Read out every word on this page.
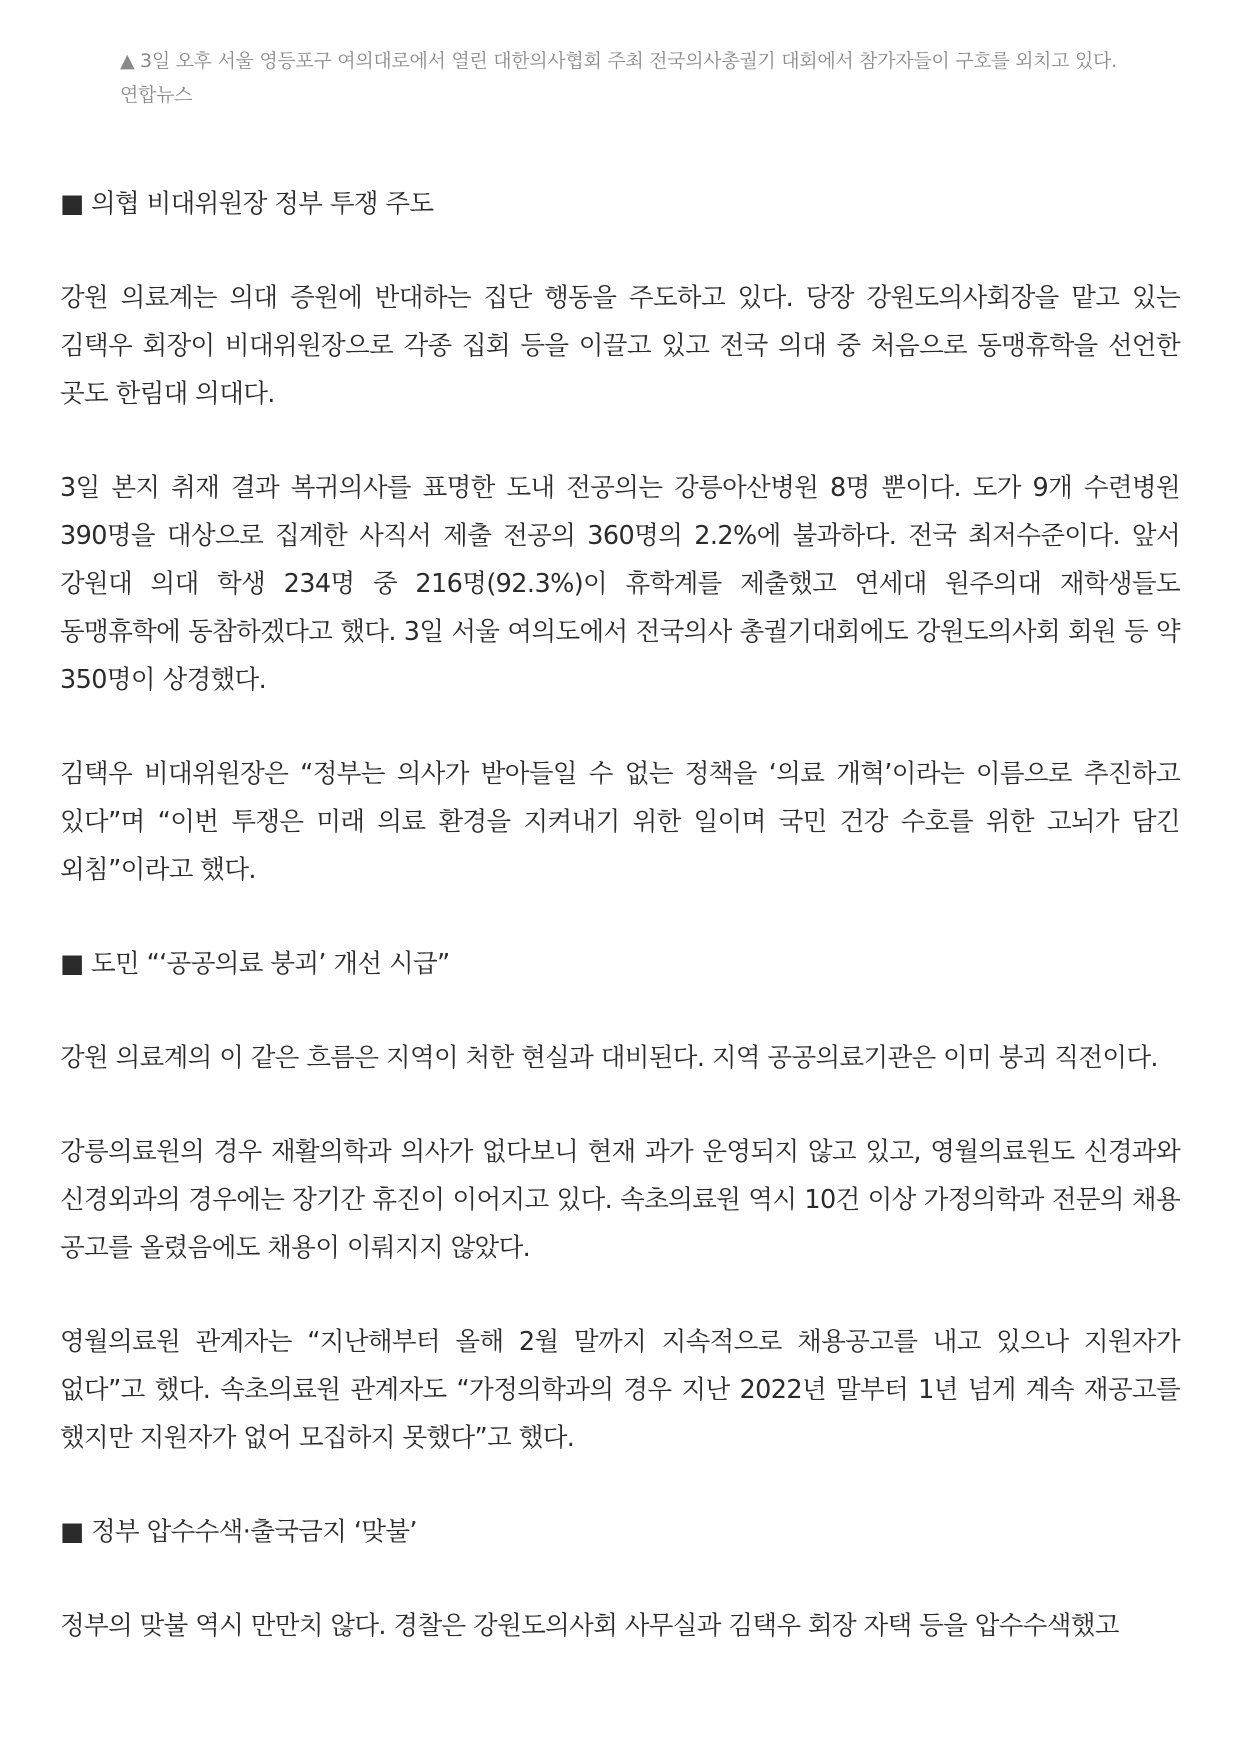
▲ 3일 오후 서울 영등포구 여의대로에서 열린 대한의사협회 주최 전국의사총궐기 대회에서 참가자들이 구호를 외치고 있다. 연합뉴스
■ 의협 비대위원장 정부 투쟁 주도

강원 의료계는 의대 증원에 반대하는 집단 행동을 주도하고 있다. 당장 강원도의사회장을 맡고 있는 김택우 회장이 비대위원장으로 각종 집회 등을 이끌고 있고 전국 의대 중 처음으로 동맹휴학을 선언한 곳도 한림대 의대다.

3일 본지 취재 결과 복귀의사를 표명한 도내 전공의는 강릉아산병원 8명 뿐이다. 도가 9개 수련병원 390명을 대상으로 집계한 사직서 제출 전공의 360명의 2.2%에 불과하다. 전국 최저수준이다. 앞서 강원대 의대 학생 234명 중 216명(92.3%)이 휴학계를 제출했고 연세대 원주의대 재학생들도 동맹휴학에 동참하겠다고 했다. 3일 서울 여의도에서 전국의사 총궐기대회에도 강원도의사회 회원 등 약 350명이 상경했다.

김택우 비대위원장은 “정부는 의사가 받아들일 수 없는 정책을 ‘의료 개혁’이라는 이름으로 추진하고 있다”며 “이번 투쟁은 미래 의료 환경을 지켜내기 위한 일이며 국민 건강 수호를 위한 고뇌가 담긴 외침”이라고 했다.

■ 도민 “‘공공의료 붕괴’ 개선 시급”

강원 의료계의 이 같은 흐름은 지역이 처한 현실과 대비된다. 지역 공공의료기관은 이미 붕괴 직전이다.

강릉의료원의 경우 재활의학과 의사가 없다보니 현재 과가 운영되지 않고 있고, 영월의료원도 신경과와 신경외과의 경우에는 장기간 휴진이 이어지고 있다. 속초의료원 역시 10건 이상 가정의학과 전문의 채용 공고를 올렸음에도 채용이 이뤄지지 않았다.

영월의료원 관계자는 “지난해부터 올해 2월 말까지 지속적으로 채용공고를 내고 있으나 지원자가 없다”고 했다. 속초의료원 관계자도 “가정의학과의 경우 지난 2022년 말부터 1년 넘게 계속 재공고를 했지만 지원자가 없어 모집하지 못했다”고 했다.

■ 정부 압수수색·출국금지 ‘맞불’

정부의 맞불 역시 만만치 않다. 경찰은 강원도의사회 사무실과 김택우 회장 자택 등을 압수수색했고
